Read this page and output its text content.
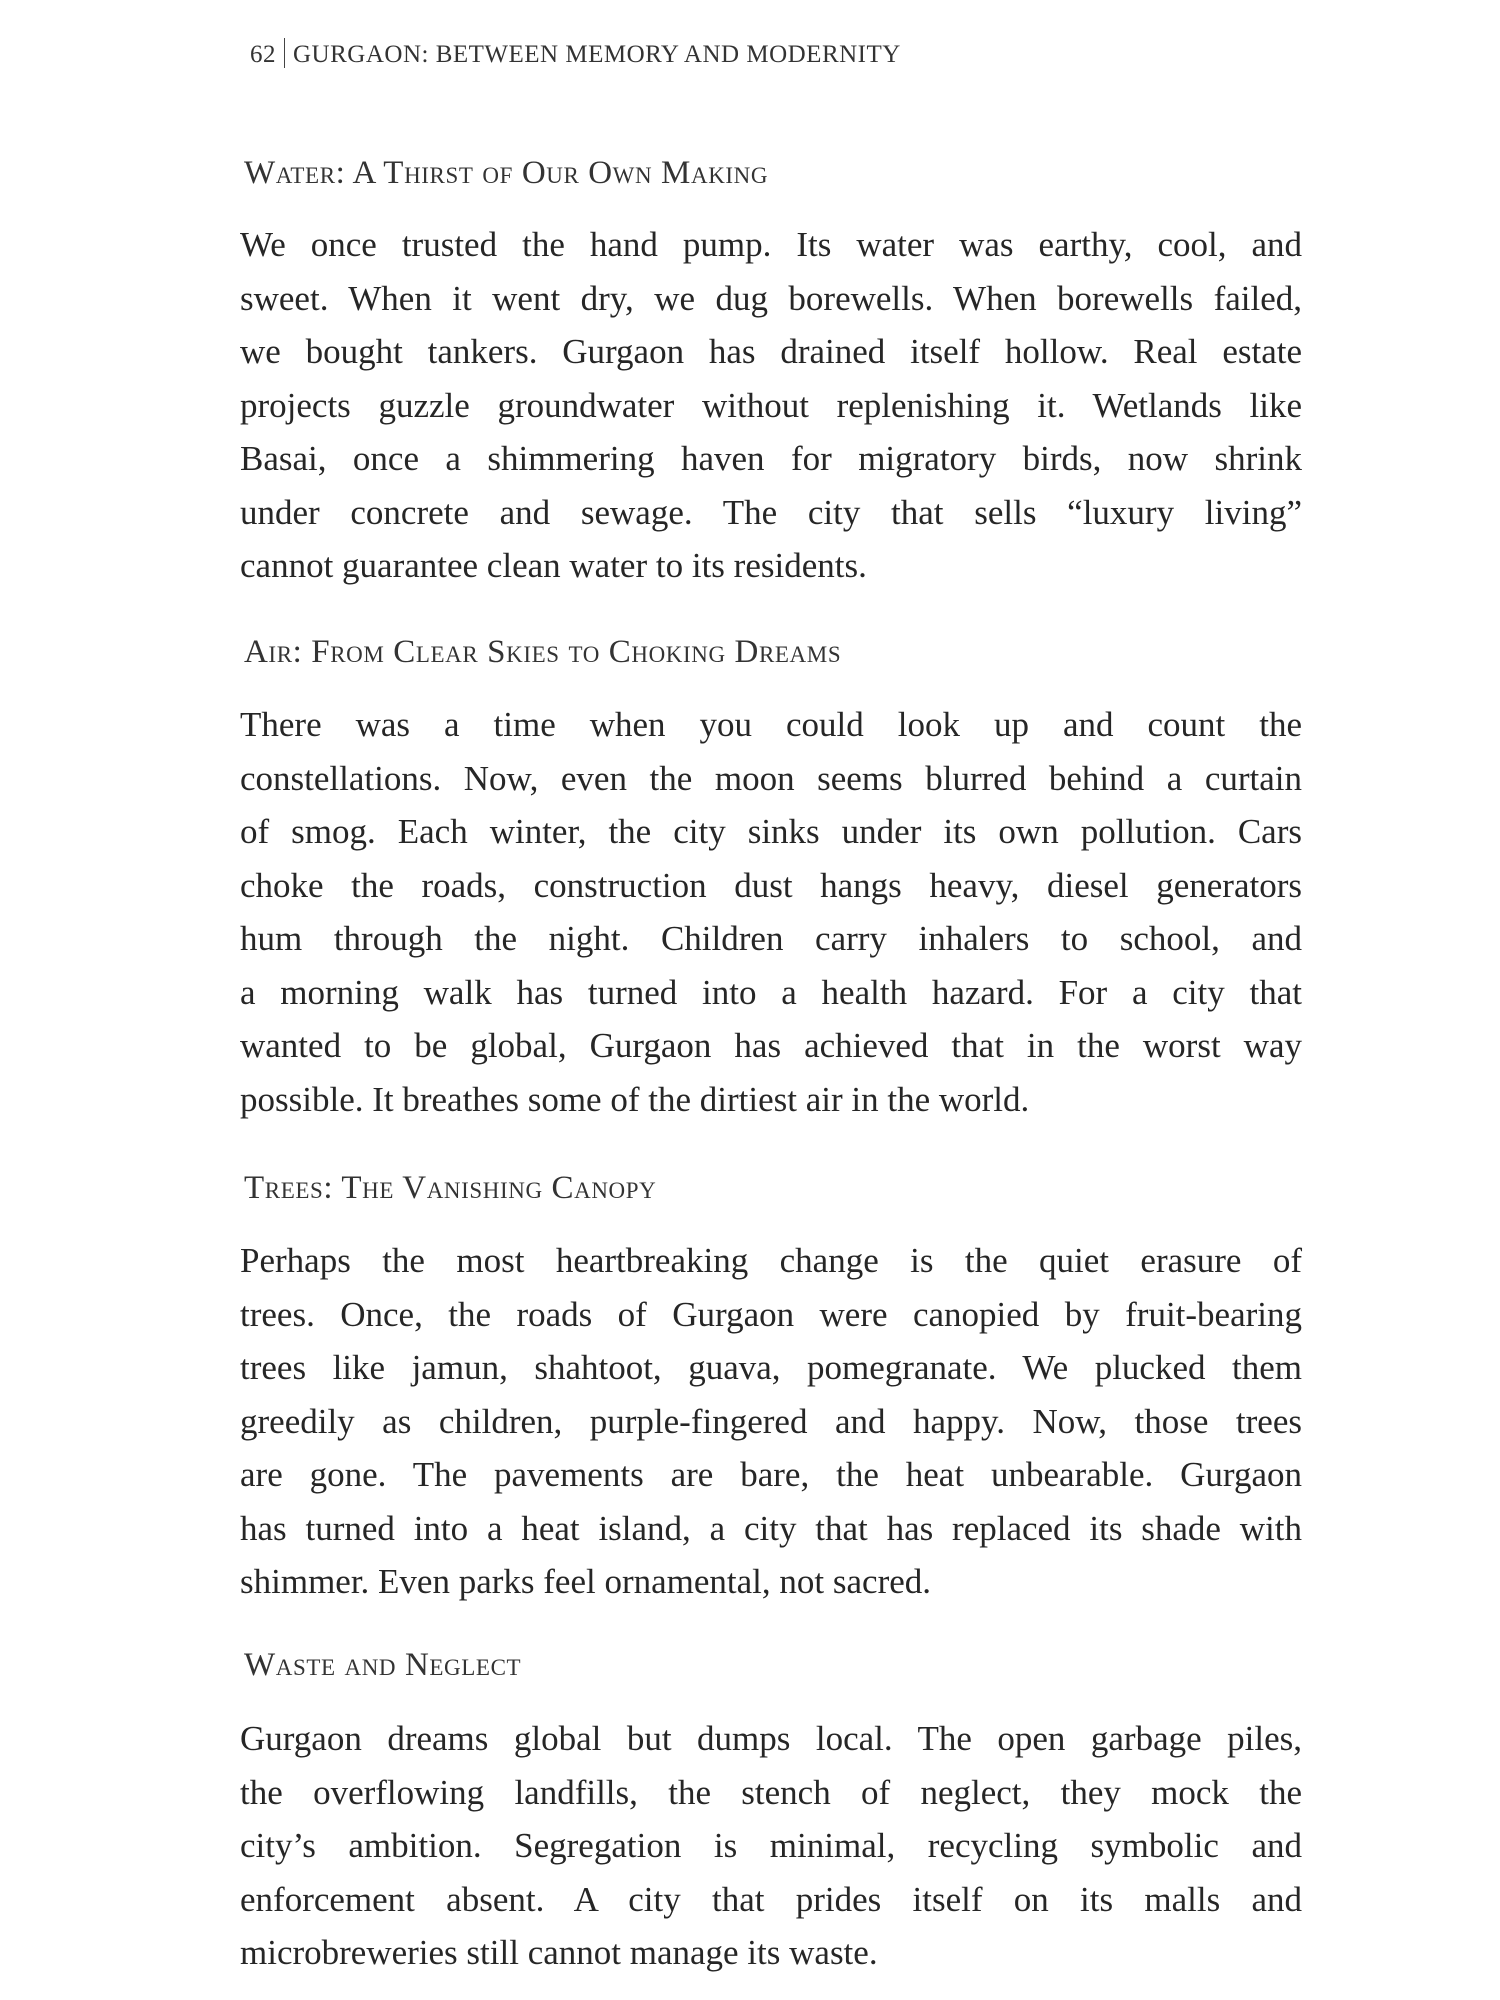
62 GURGAON: BETWEEN MEMORY AND MODERNITY
Water: A Thirst of Our Own Making
We once trusted the hand pump. Its water was earthy, cool, and
sweet. When it went dry, we dug borewells. When borewells failed,
we bought tankers. Gurgaon has drained itself hollow. Real estate
projects guzzle groundwater without replenishing it. Wetlands like
Basai, once a shimmering haven for migratory birds, now shrink
under concrete and sewage. The city that sells “luxury living”
cannot guarantee clean water to its residents.
Air: From Clear Skies to Choking Dreams
There was a time when you could look up and count the
constellations. Now, even the moon seems blurred behind a curtain
of smog. Each winter, the city sinks under its own pollution. Cars
choke the roads, construction dust hangs heavy, diesel generators
hum through the night. Children carry inhalers to school, and
a morning walk has turned into a health hazard. For a city that
wanted to be global, Gurgaon has achieved that in the worst way
possible. It breathes some of the dirtiest air in the world.
Trees: The Vanishing Canopy
Perhaps the most heartbreaking change is the quiet erasure of
trees. Once, the roads of Gurgaon were canopied by fruit-bearing
trees like jamun, shahtoot, guava, pomegranate. We plucked them
greedily as children, purple-fingered and happy. Now, those trees
are gone. The pavements are bare, the heat unbearable. Gurgaon
has turned into a heat island, a city that has replaced its shade with
shimmer. Even parks feel ornamental, not sacred.
Waste and Neglect
Gurgaon dreams global but dumps local. The open garbage piles,
the overflowing landfills, the stench of neglect, they mock the
city’s ambition. Segregation is minimal, recycling symbolic and
enforcement absent. A city that prides itself on its malls and
microbreweries still cannot manage its waste.
